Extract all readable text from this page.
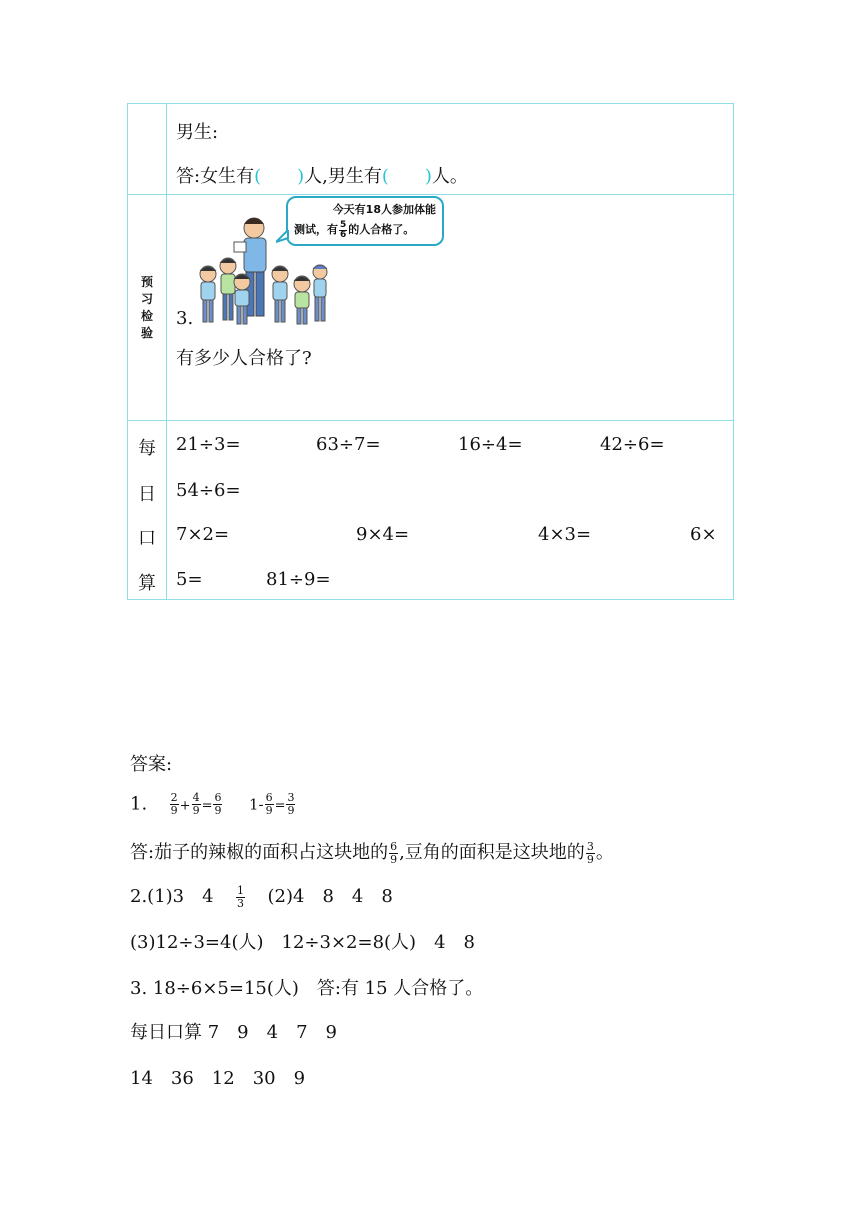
男生:
答:女生有( )人,男生有( )人。
预
习
检
验
今天有18人参加体能
测试，有 $\frac{5}{6}$ 的人合格了。
3.
有多少人合格了?
每
日
口
算
21÷3=	63÷7=	16÷4=	42÷6=
54÷6=
7×2=	9×4=	4×3=	6×
5=	81÷9=
答案:
1. $\frac{2}{9} + \frac{4}{9} = \frac{6}{9} 1- \frac{6}{9} = \frac{3}{9}$
答:茄子的辣椒的面积占这块地的 $\frac{6}{9}$ ,豆角的面积是这块地的 $\frac{3}{9}$ 。
2.(1)3　$4 \frac{1}{3} (2)4$　8　4　8
(3)12÷3=4(人)　12÷3×2=8(人)　4　8
3. 18÷6×5=15(人)　答:有 15 人合格了。
每日口算 7　9　4　7　9
14　36　12　30　9
